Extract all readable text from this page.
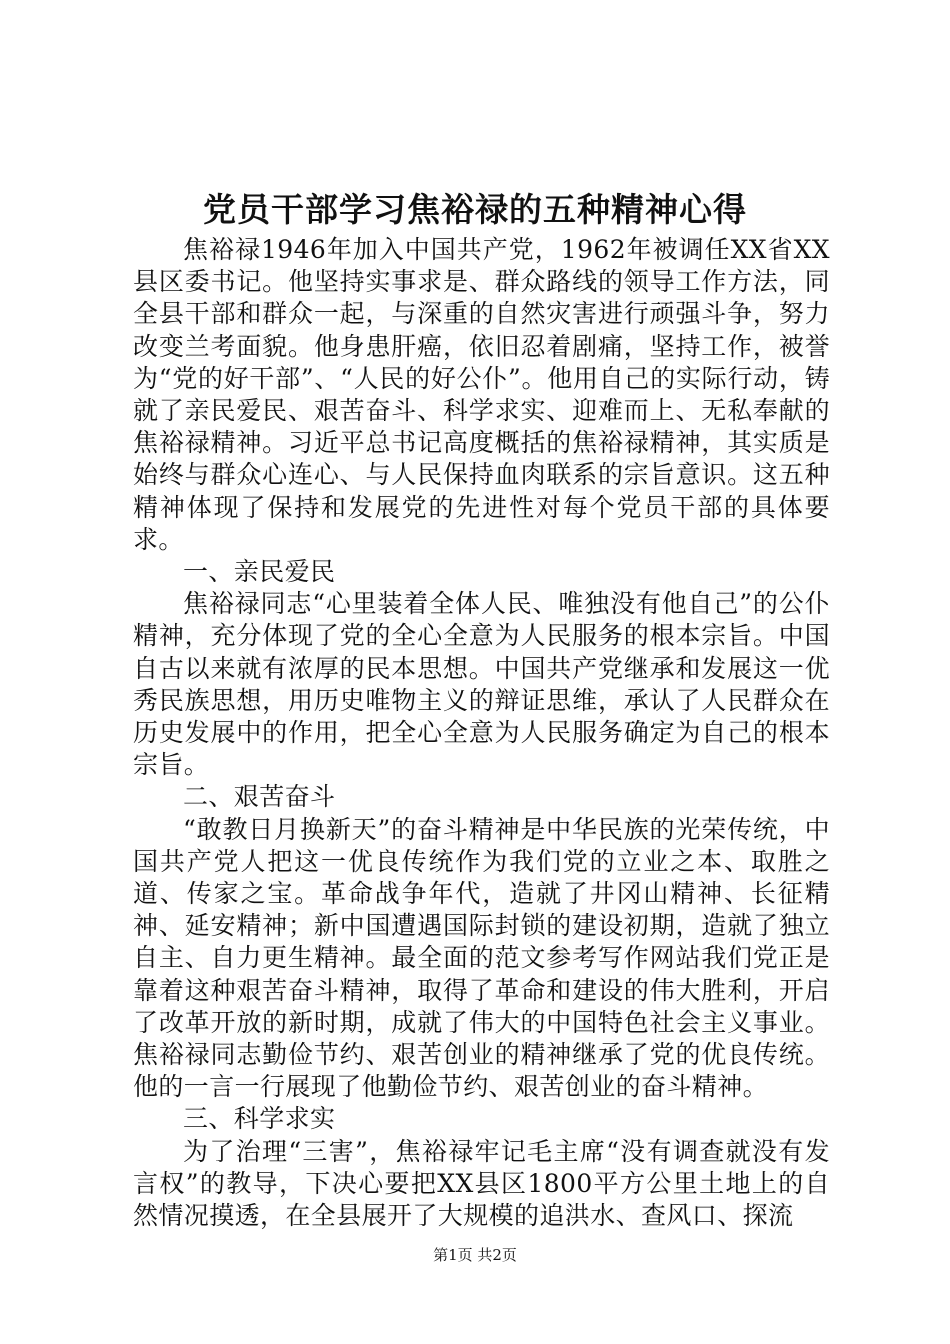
党员干部学习焦裕禄的五种精神心得

焦裕禄1946年加入中国共产党，1962年被调任XX省XX县区委书记。他坚持实事求是、群众路线的领导工作方法，同全县干部和群众一起，与深重的自然灾害进行顽强斗争，努力改变兰考面貌。他身患肝癌，依旧忍着剧痛，坚持工作，被誉为“党的好干部”、“人民的好公仆”。他用自己的实际行动，铸就了亲民爱民、艰苦奋斗、科学求实、迎难而上、无私奉献的焦裕禄精神。习近平总书记高度概括的焦裕禄精神，其实质是始终与群众心连心、与人民保持血肉联系的宗旨意识。这五种精神体现了保持和发展党的先进性对每个党员干部的具体要求。

一、亲民爱民

焦裕禄同志“心里装着全体人民、唯独没有他自己”的公仆精神，充分体现了党的全心全意为人民服务的根本宗旨。中国自古以来就有浓厚的民本思想。中国共产党继承和发展这一优秀民族思想，用历史唯物主义的辩证思维，承认了人民群众在历史发展中的作用，把全心全意为人民服务确定为自己的根本宗旨。

二、艰苦奋斗

“敢教日月换新天”的奋斗精神是中华民族的光荣传统，中国共产党人把这一优良传统作为我们党的立业之本、取胜之道、传家之宝。革命战争年代，造就了井冈山精神、长征精神、延安精神；新中国遭遇国际封锁的建设初期，造就了独立自主、自力更生精神。最全面的范文参考写作网站我们党正是靠着这种艰苦奋斗精神，取得了革命和建设的伟大胜利，开启了改革开放的新时期，成就了伟大的中国特色社会主义事业。焦裕禄同志勤俭节约、艰苦创业的精神继承了党的优良传统。他的一言一行展现了他勤俭节约、艰苦创业的奋斗精神。

三、科学求实

为了治理“三害”，焦裕禄牢记毛主席“没有调查就没有发言权”的教导，下决心要把XX县区1800平方公里土地上的自然情况摸透，在全县展开了大规模的追洪水、查风口、探流

第1页 共2页
